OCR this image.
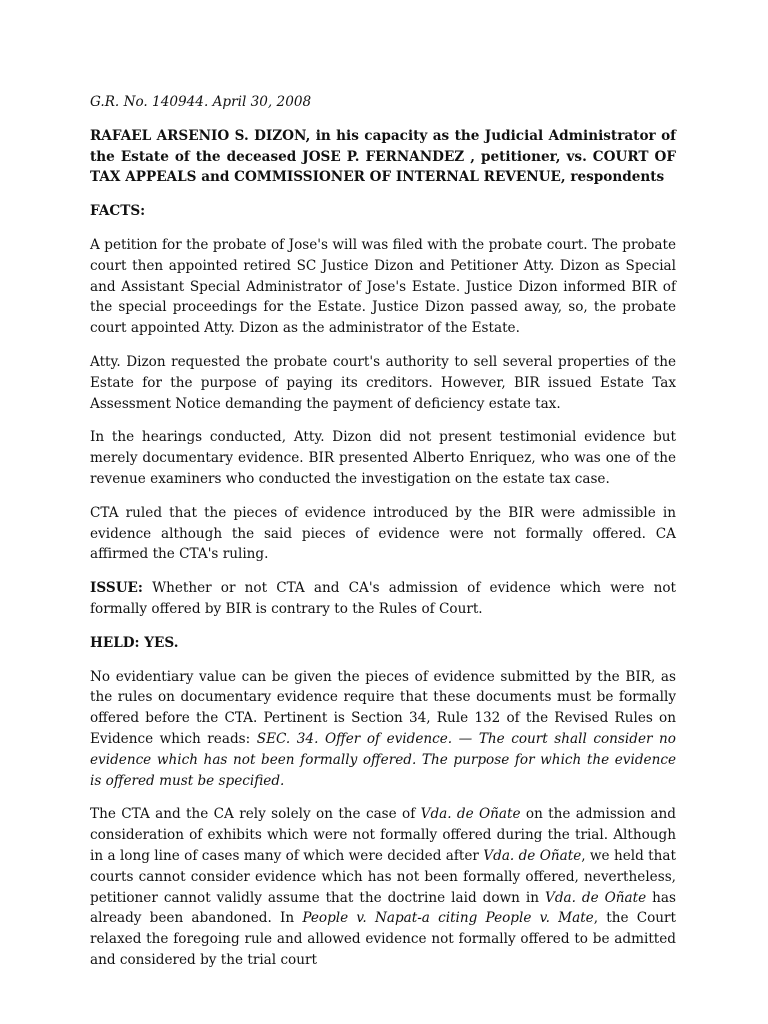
G.R. No. 140944. April 30, 2008
RAFAEL ARSENIO S. DIZON, in his capacity as the Judicial Administrator of the Estate of the deceased JOSE P. FERNANDEZ , petitioner, vs. COURT OF TAX APPEALS and COMMISSIONER OF INTERNAL REVENUE, respondents
FACTS:

A petition for the probate of Jose's will was filed with the probate court. The probate court then appointed retired SC Justice Dizon and Petitioner Atty. Dizon as Special and Assistant Special Administrator of Jose's Estate. Justice Dizon informed BIR of the special proceedings for the Estate. Justice Dizon passed away, so, the probate court appointed Atty. Dizon as the administrator of the Estate.

Atty. Dizon requested the probate court's authority to sell several properties of the Estate for the purpose of paying its creditors. However, BIR issued Estate Tax Assessment Notice demanding the payment of deficiency estate tax.

In the hearings conducted, Atty. Dizon did not present testimonial evidence but merely documentary evidence. BIR presented Alberto Enriquez, who was one of the revenue examiners who conducted the investigation on the estate tax case.

CTA ruled that the pieces of evidence introduced by the BIR were admissible in evidence although the said pieces of evidence were not formally offered. CA affirmed the CTA's ruling.

ISSUE: Whether or not CTA and CA's admission of evidence which were not formally offered by BIR is contrary to the Rules of Court.

HELD: YES.

No evidentiary value can be given the pieces of evidence submitted by the BIR, as the rules on documentary evidence require that these documents must be formally offered before the CTA. Pertinent is Section 34, Rule 132 of the Revised Rules on Evidence which reads: SEC. 34. Offer of evidence. — The court shall consider no evidence which has not been formally offered. The purpose for which the evidence is offered must be specified.

The CTA and the CA rely solely on the case of Vda. de Oñate on the admission and consideration of exhibits which were not formally offered during the trial. Although in a long line of cases many of which were decided after Vda. de Oñate, we held that courts cannot consider evidence which has not been formally offered, nevertheless, petitioner cannot validly assume that the doctrine laid down in Vda. de Oñate has already been abandoned. In People v. Napat-a citing People v. Mate, the Court relaxed the foregoing rule and allowed evidence not formally offered to be admitted and considered by the trial court
